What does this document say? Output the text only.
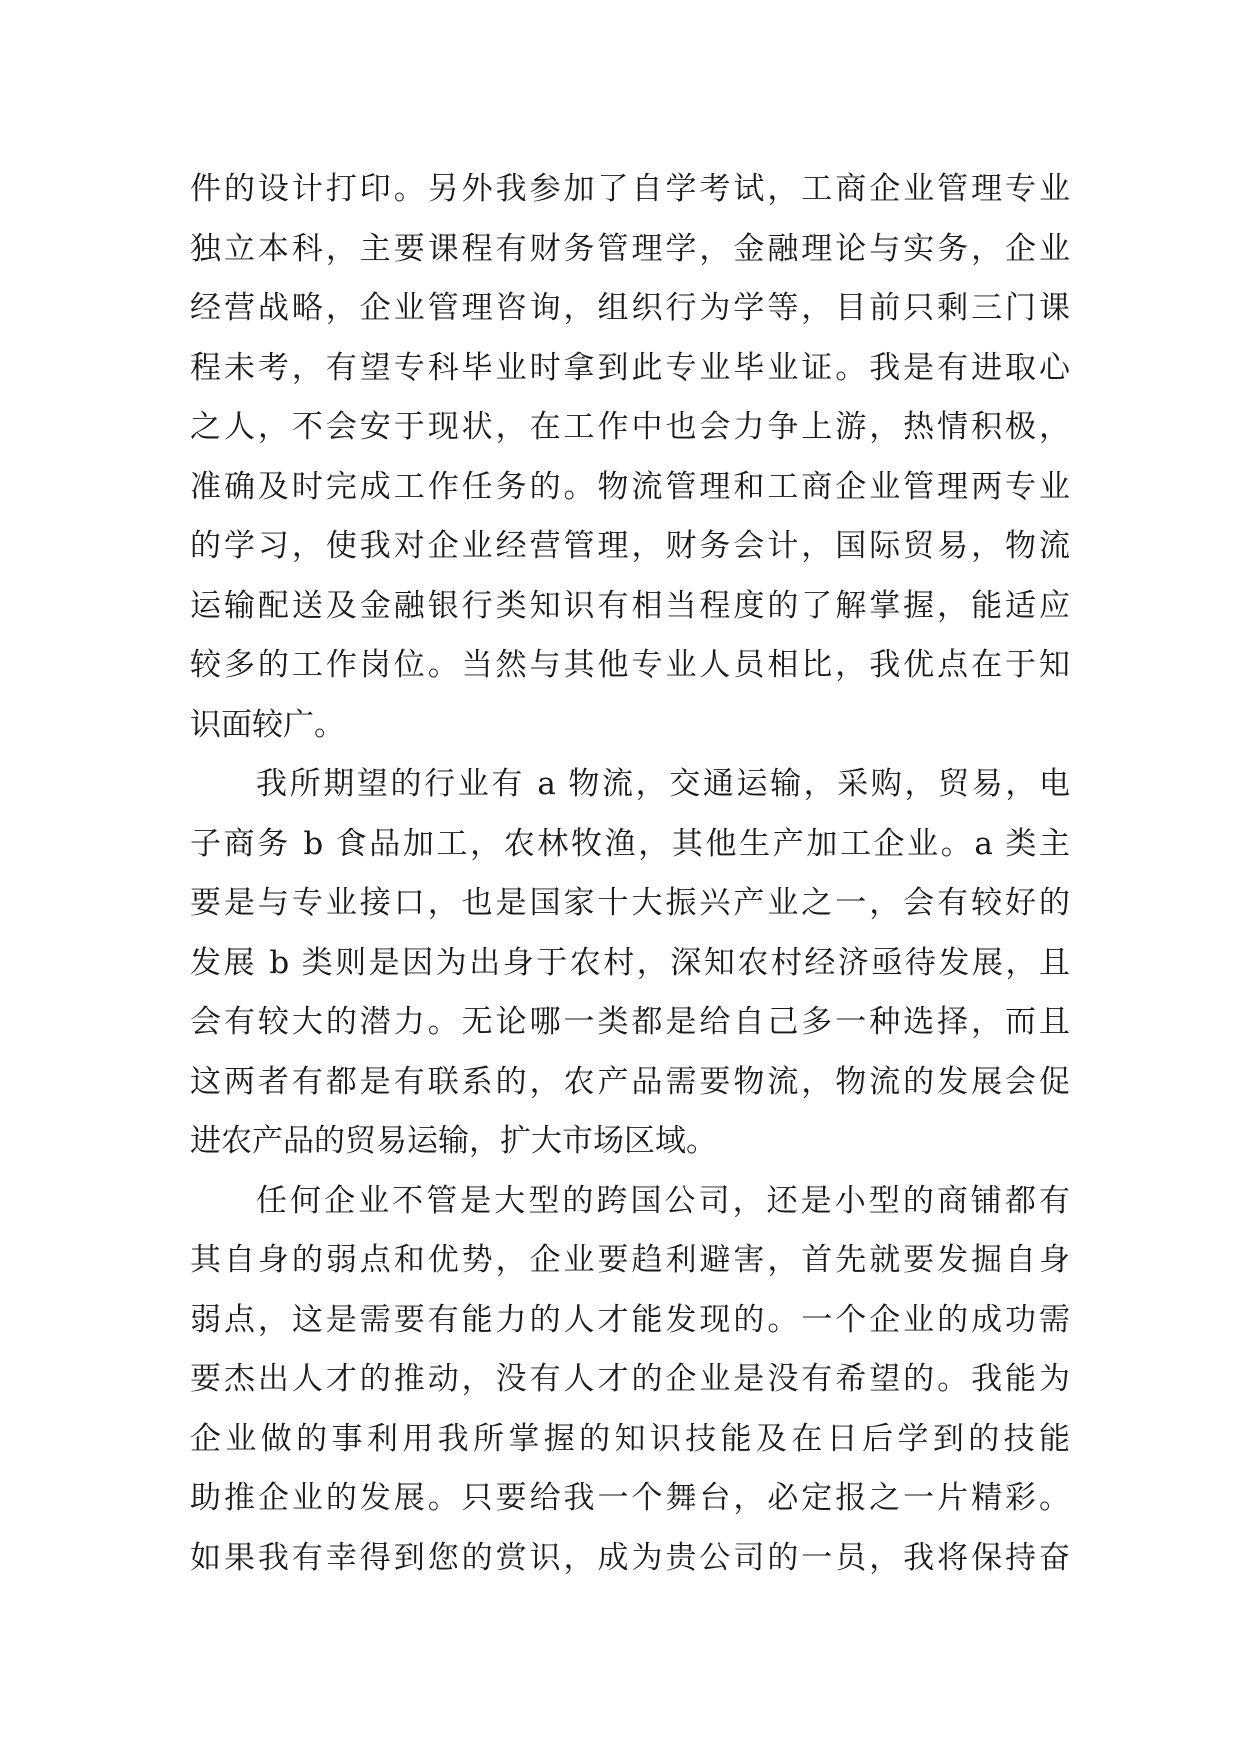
件的设计打印。另外我参加了自学考试，工商企业管理专业
独立本科，主要课程有财务管理学，金融理论与实务，企业
经营战略，企业管理咨询，组织行为学等，目前只剩三门课
程未考，有望专科毕业时拿到此专业毕业证。我是有进取心
之人，不会安于现状，在工作中也会力争上游，热情积极，
准确及时完成工作任务的。物流管理和工商企业管理两专业
的学习，使我对企业经营管理，财务会计，国际贸易，物流
运输配送及金融银行类知识有相当程度的了解掌握，能适应
较多的工作岗位。当然与其他专业人员相比，我优点在于知
识面较广。
我所期望的行业有 a 物流，交通运输，采购，贸易，电
子商务 b 食品加工，农林牧渔，其他生产加工企业。a 类主
要是与专业接口，也是国家十大振兴产业之一，会有较好的
发展 b 类则是因为出身于农村，深知农村经济亟待发展，且
会有较大的潜力。无论哪一类都是给自己多一种选择，而且
这两者有都是有联系的，农产品需要物流，物流的发展会促
进农产品的贸易运输，扩大市场区域。
任何企业不管是大型的跨国公司，还是小型的商铺都有
其自身的弱点和优势，企业要趋利避害，首先就要发掘自身
弱点，这是需要有能力的人才能发现的。一个企业的成功需
要杰出人才的推动，没有人才的企业是没有希望的。我能为
企业做的事利用我所掌握的知识技能及在日后学到的技能
助推企业的发展。只要给我一个舞台，必定报之一片精彩。
如果我有幸得到您的赏识，成为贵公司的一员，我将保持奋
